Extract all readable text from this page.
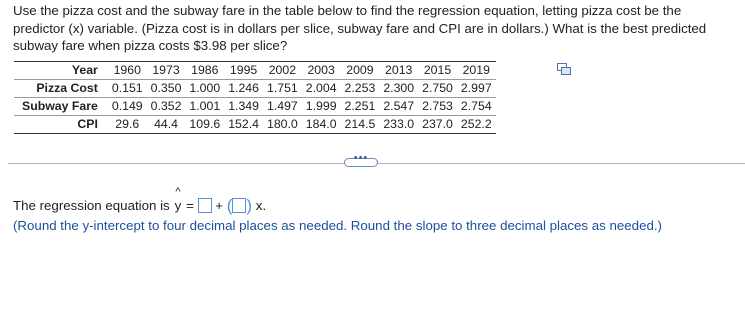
Use the pizza cost and the subway fare in the table below to find the regression equation, letting pizza cost be the predictor (x) variable. (Pizza cost is in dollars per slice, subway fare and CPI are in dollars.) What is the best predicted subway fare when pizza costs $3.98 per slice?
Year	1960	1973	1986	1995	2002	2003	2009	2013	2015	2019
Pizza Cost	0.151	0.350	1.000	1.246	1.751	2.004	2.253	2.300	2.750	2.997
Subway Fare	0.149	0.352	1.001	1.349	1.497	1.999	2.251	2.547	2.753	2.754
CPI	29.6	44.4	109.6	152.4	180.0	184.0	214.5	233.0	237.0	252.2
•••
The regression equation is
^
y = + ( ) x.
(Round the y-intercept to four decimal places as needed. Round the slope to three decimal places as needed.)
